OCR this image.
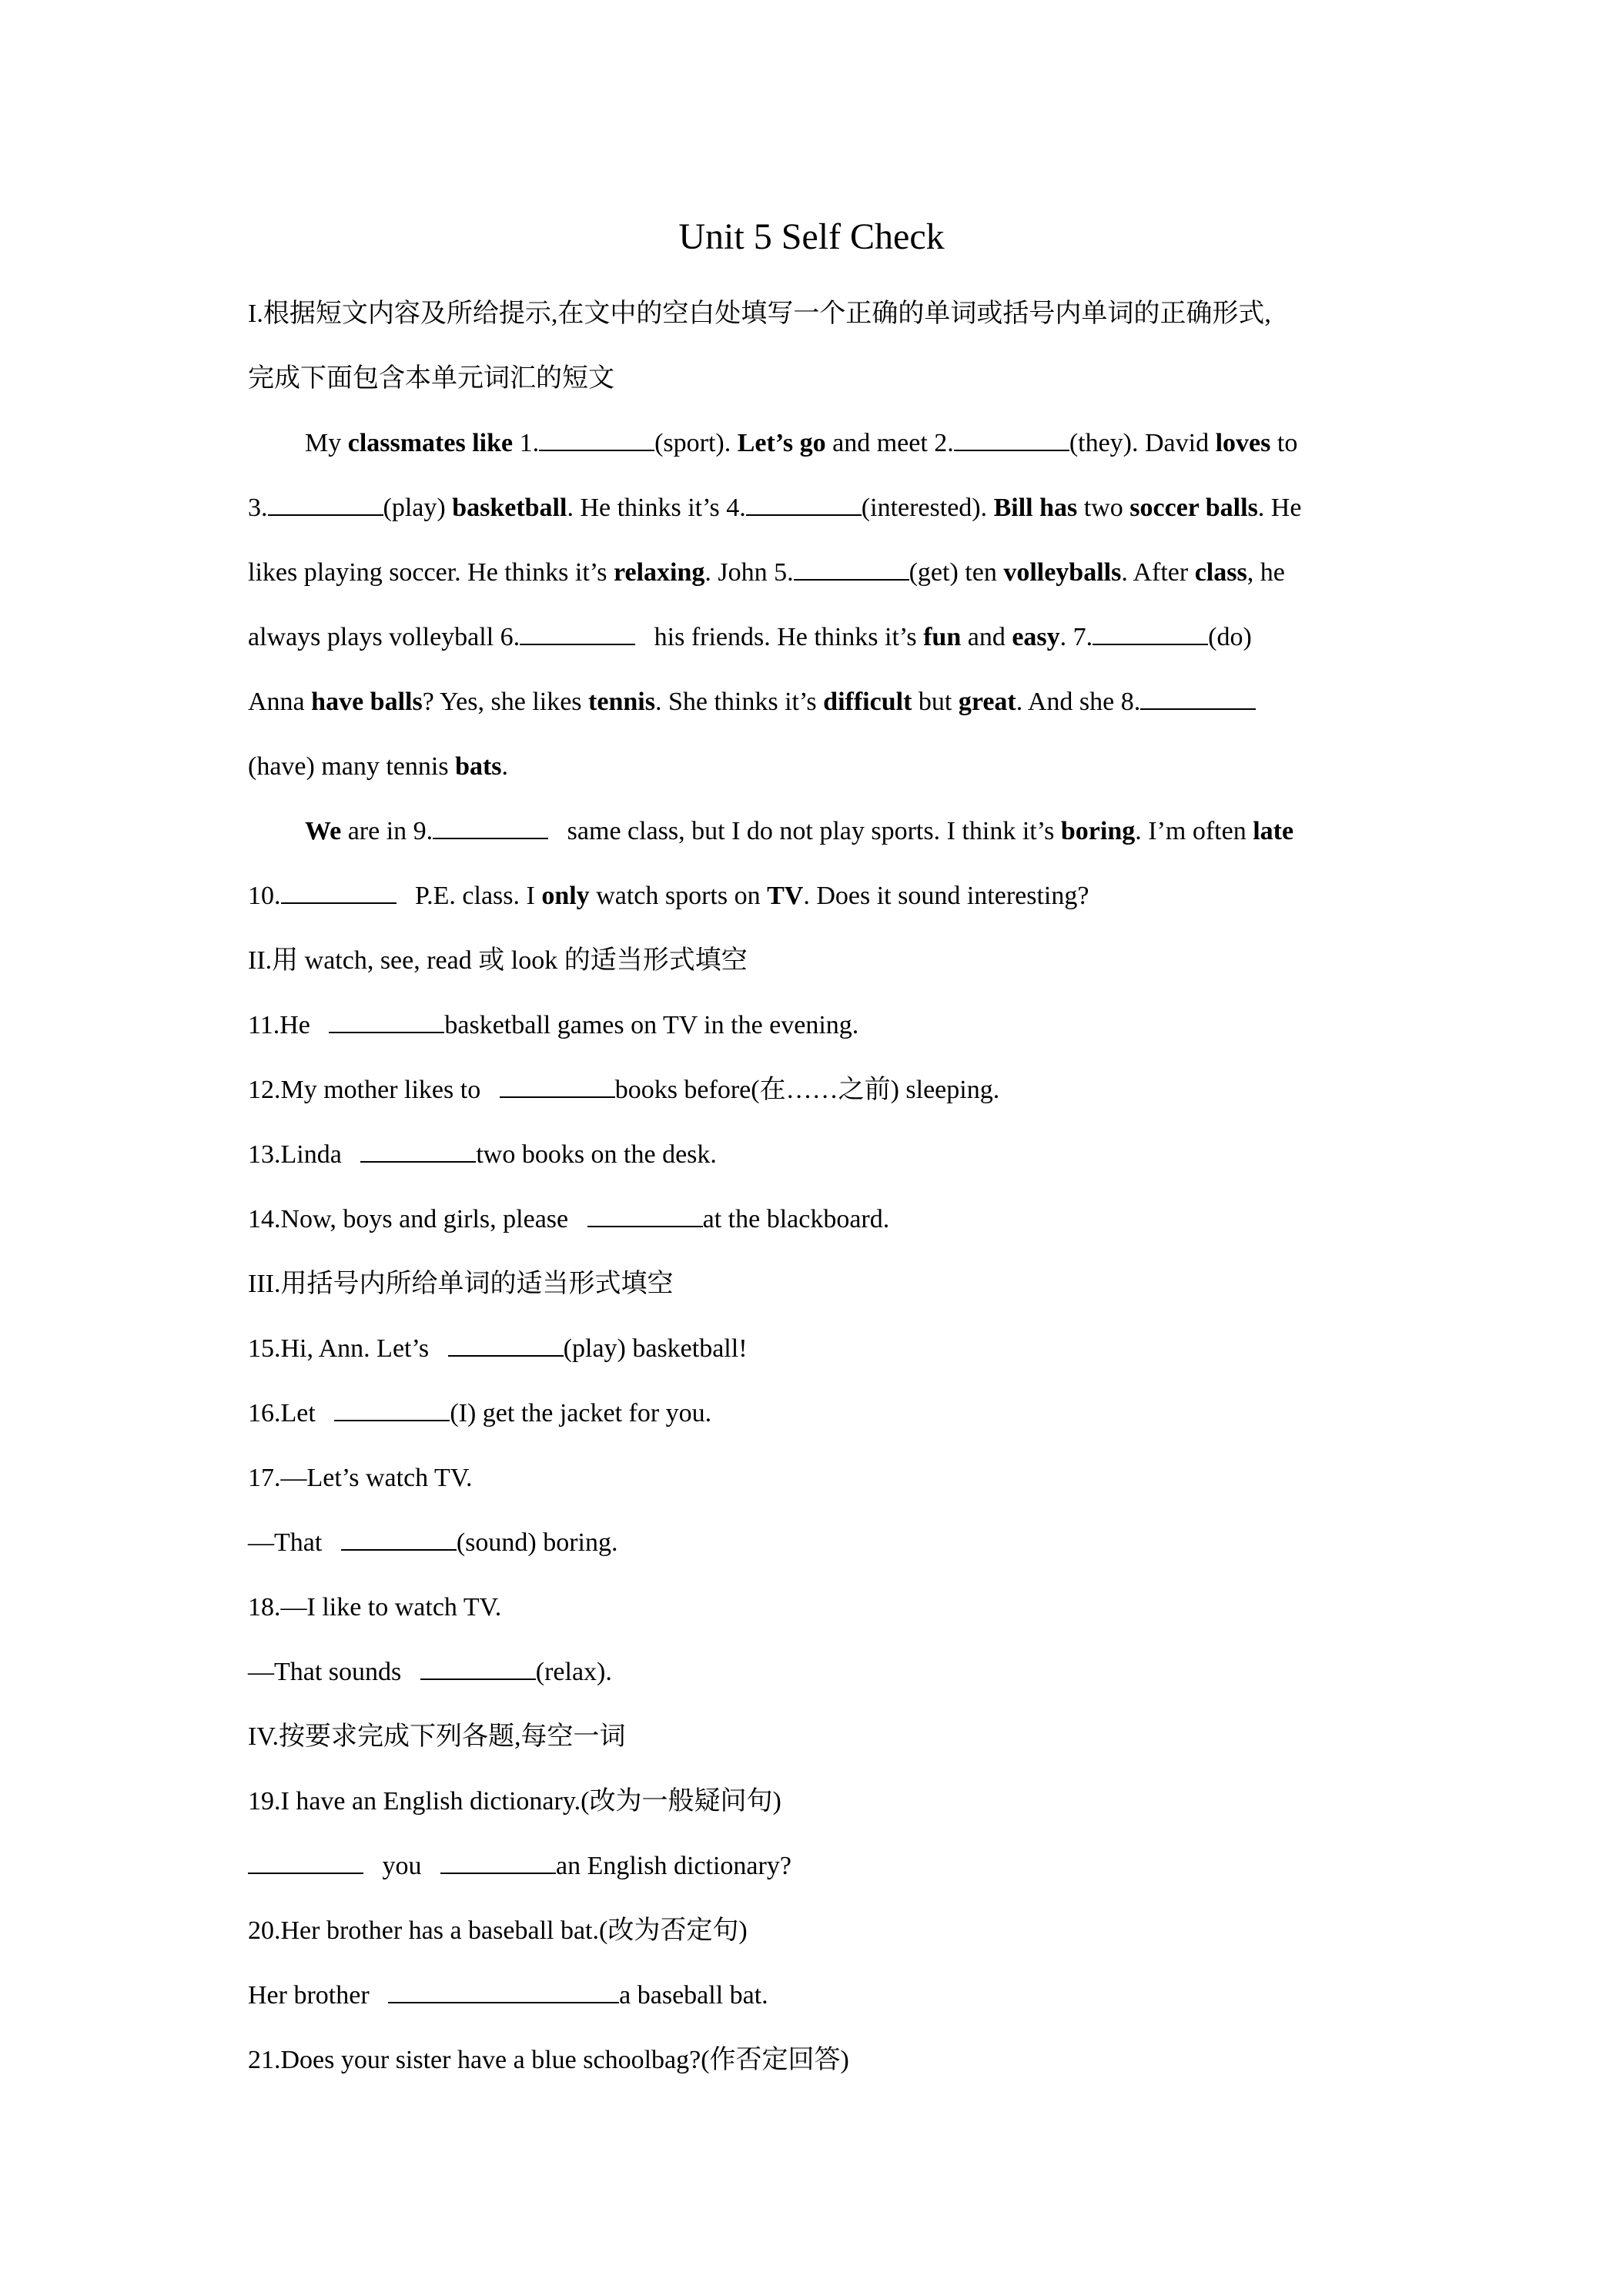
Unit 5 Self Check
I.根据短文内容及所给提示,在文中的空白处填写一个正确的单词或括号内单词的正确形式,
完成下面包含本单元词汇的短文
My classmates like 1.	(sport). Let’s go and meet 2.	(they). David loves to
3.	(play) basketball. He thinks it’s 4.	(interested). Bill has two soccer balls. He
likes playing soccer. He thinks it’s relaxing. John 5.	(get) ten volleyballs. After class, he
always plays volleyball 6.	his friends. He thinks it’s fun and easy. 7.	(do)
Anna have balls? Yes, she likes tennis. She thinks it’s difficult but great. And she 8.
(have) many tennis bats.
We are in 9.	same class, but I do not play sports. I think it’s boring. I’m often late
10.	P.E. class. I only watch sports on TV. Does it sound interesting?
II.用 watch, see, read 或 look 的适当形式填空
11.He	basketball games on TV in the evening.
12.My mother likes to	books before(在……之前) sleeping.
13.Linda	two books on the desk.
14.Now, boys and girls, please	at the blackboard.
III.用括号内所给单词的适当形式填空
15.Hi, Ann. Let’s	(play) basketball!
16.Let	(I) get the jacket for you.
17.—Let’s watch TV.
—That	(sound) boring.
18.—I like to watch TV.
—That sounds	(relax).
IV.按要求完成下列各题,每空一词
19.I have an English dictionary.(改为一般疑问句)
you	an English dictionary?
20.Her brother has a baseball bat.(改为否定句)
Her brother	a baseball bat.
21.Does your sister have a blue schoolbag?(作否定回答)
